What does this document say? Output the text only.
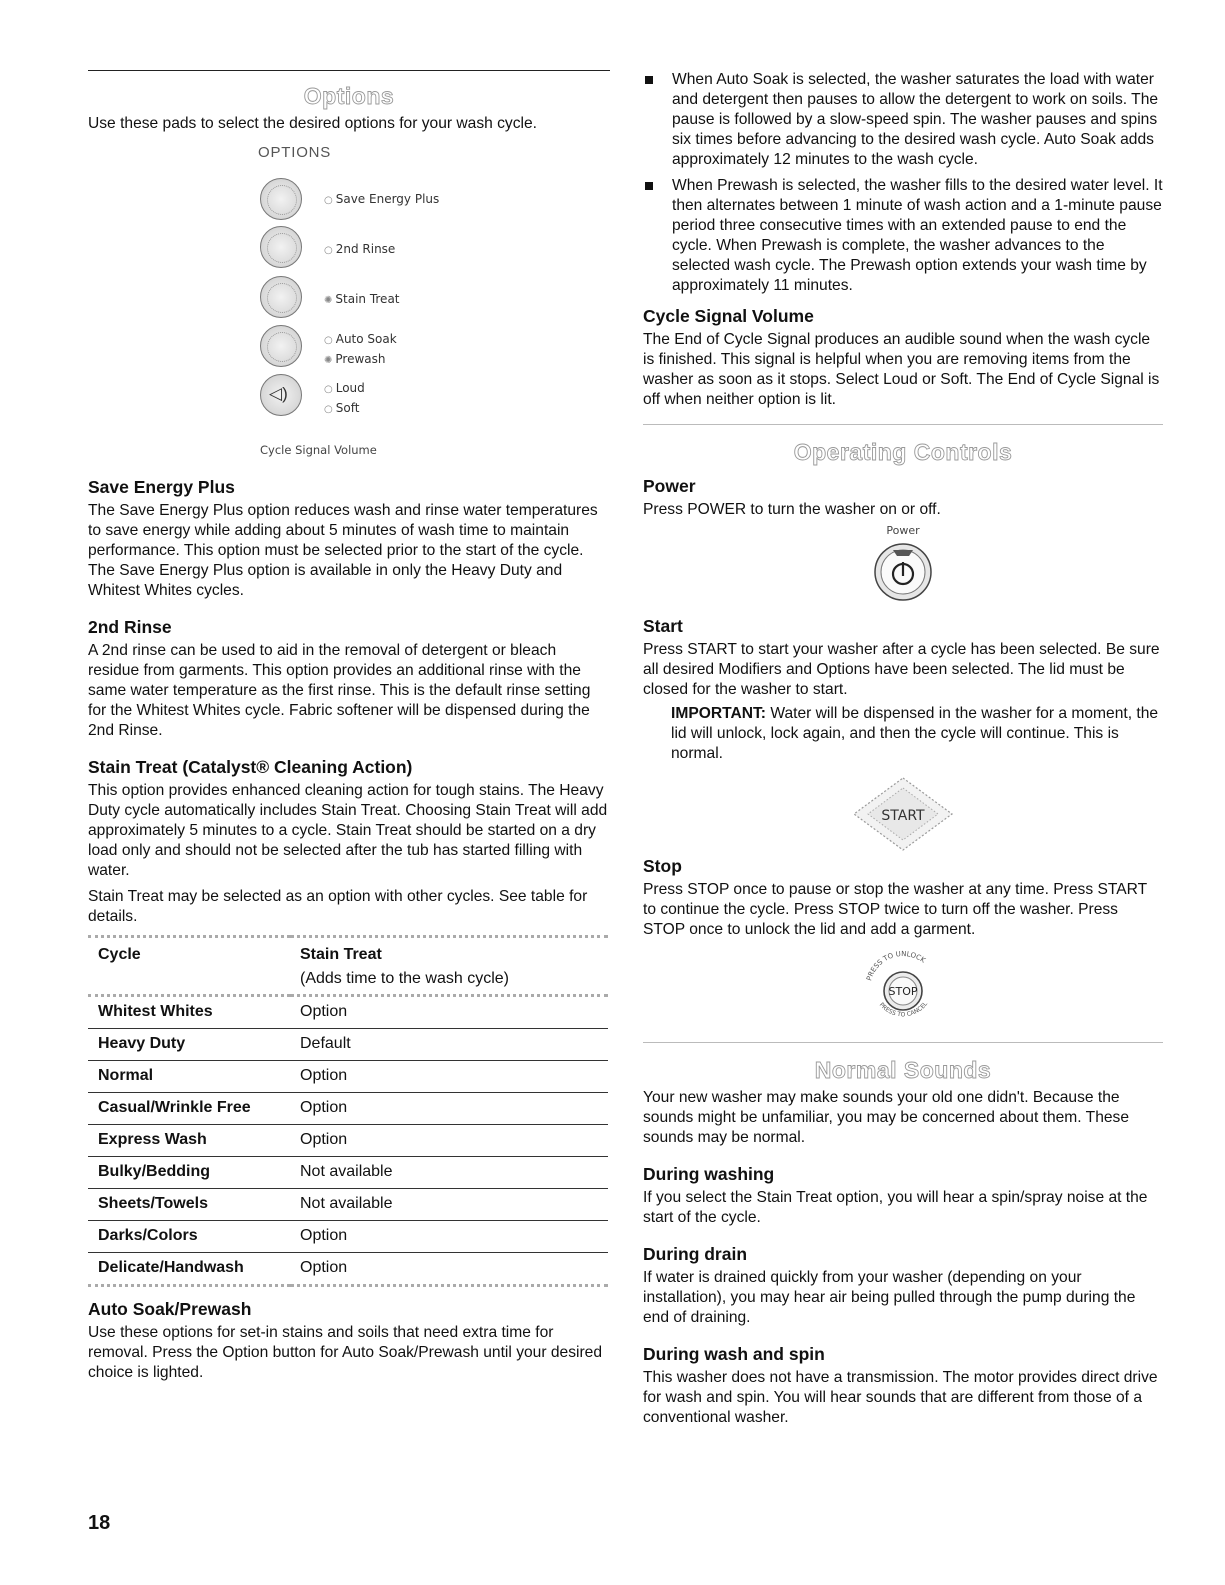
Options

Use these pads to select the desired options for your wash cycle.

OPTIONS
○ Save Energy Plus
○ 2nd Rinse
✺ Stain Treat
○ Auto Soak
✺ Prewash
◁)	○ Loud
○ Soft
Cycle Signal Volume
Save Energy Plus

The Save Energy Plus option reduces wash and rinse water temperatures to save energy while adding about 5 minutes of wash time to maintain performance. This option must be selected prior to the start of the cycle. The Save Energy Plus option is available in only the Heavy Duty and Whitest Whites cycles.

2nd Rinse

A 2nd rinse can be used to aid in the removal of detergent or bleach residue from garments. This option provides an additional rinse with the same water temperature as the first rinse. This is the default rinse setting for the Whitest Whites cycle. Fabric softener will be dispensed during the 2nd Rinse.

Stain Treat (Catalyst® Cleaning Action)

This option provides enhanced cleaning action for tough stains. The Heavy Duty cycle automatically includes Stain Treat. Choosing Stain Treat will add approximately 5 minutes to a cycle. Stain Treat should be started on a dry load only and should not be selected after the tub has started filling with water.

Stain Treat may be selected as an option with other cycles. See table for details.

Cycle	Stain Treat
	(Adds time to the wash cycle)
Whitest Whites	Option
Heavy Duty	Default
Normal	Option
Casual/Wrinkle Free	Option
Express Wash	Option
Bulky/Bedding	Not available
Sheets/Towels	Not available
Darks/Colors	Option
Delicate/Handwash	Option
Auto Soak/Prewash

Use these options for set-in stains and soils that need extra time for removal. Press the Option button for Auto Soak/Prewash until your desired choice is lighted.

18
When Auto Soak is selected, the washer saturates the load with water and detergent then pauses to allow the detergent to work on soils. The pause is followed by a slow-speed spin. The washer pauses and spins six times before advancing to the desired wash cycle. Auto Soak adds approximately 12 minutes to the wash cycle.
When Prewash is selected, the washer fills to the desired water level. It then alternates between 1 minute of wash action and a 1-minute pause period three consecutive times with an extended pause to end the cycle. When Prewash is complete, the washer advances to the selected wash cycle. The Prewash option extends your wash time by approximately 11 minutes.
Cycle Signal Volume

The End of Cycle Signal produces an audible sound when the wash cycle is finished. This signal is helpful when you are removing items from the washer as soon as it stops. Select Loud or Soft. The End of Cycle Signal is off when neither option is lit.

Operating Controls
Power

Press POWER to turn the washer on or off.

Power
Start

Press START to start your washer after a cycle has been selected. Be sure all desired Modifiers and Options have been selected. The lid must be closed for the washer to start.

IMPORTANT: Water will be dispensed in the washer for a moment, the lid will unlock, lock again, and then the cycle will continue. This is normal.

START
Stop

Press STOP once to pause or stop the washer at any time. Press START to continue the cycle. Press STOP twice to turn off the washer. Press STOP once to unlock the lid and add a garment.

PRESS TO UNLOCK
PRESS TO CANCEL
STOP
Normal Sounds

Your new washer may make sounds your old one didn't. Because the sounds might be unfamiliar, you may be concerned about them. These sounds may be normal.

During washing

If you select the Stain Treat option, you will hear a spin/spray noise at the start of the cycle.

During drain

If water is drained quickly from your washer (depending on your installation), you may hear air being pulled through the pump during the end of draining.

During wash and spin

This washer does not have a transmission. The motor provides direct drive for wash and spin. You will hear sounds that are different from those of a conventional washer.
